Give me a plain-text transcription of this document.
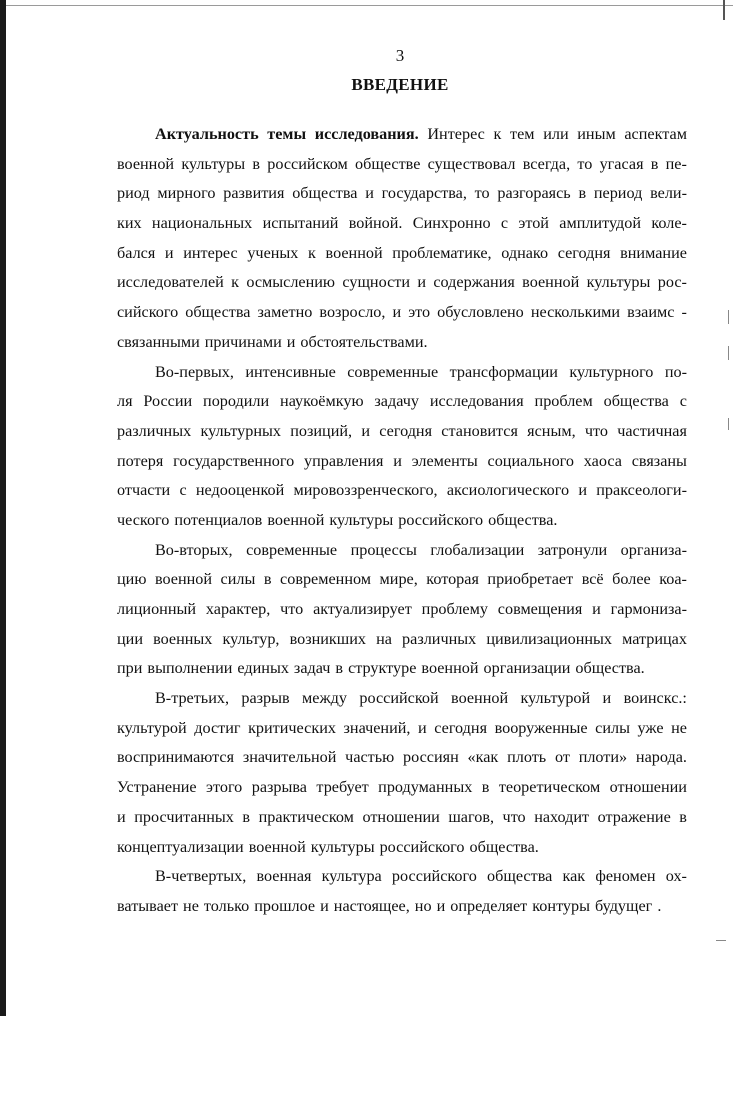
3
ВВЕДЕНИЕ
Актуальность темы исследования. Интерес к тем или иным аспектам
военной культуры в российском обществе существовал всегда, то угасая в пе-
риод мирного развития общества и государства, то разгораясь в период вели-
ких национальных испытаний войной. Синхронно с этой амплитудой коле-
бался и интерес ученых к военной проблематике, однако сегодня внимание
исследователей к осмыслению сущности и содержания военной культуры рос-
сийского общества заметно возросло, и это обусловлено несколькими взаимс -
связанными причинами и обстоятельствами.
Во-первых, интенсивные современные трансформации культурного по-
ля России породили наукоёмкую задачу исследования проблем общества с
различных культурных позиций, и сегодня становится ясным, что частичная
потеря государственного управления и элементы социального хаоса связаны
отчасти с недооценкой мировоззренческого, аксиологического и праксеологи-
ческого потенциалов военной культуры российского общества.
Во-вторых, современные процессы глобализации затронули организа-
цию военной силы в современном мире, которая приобретает всё более коа-
лиционный характер, что актуализирует проблему совмещения и гармониза-
ции военных культур, возникших на различных цивилизационных матрицах
при выполнении единых задач в структуре военной организации общества.
В-третьих, разрыв между российской военной культурой и воинскс.:
культурой достиг критических значений, и сегодня вооруженные силы уже не
воспринимаются значительной частью россиян «как плоть от плоти» народа.
Устранение этого разрыва требует продуманных в теоретическом отношении
и просчитанных в практическом отношении шагов, что находит отражение в
концептуализации военной культуры российского общества.
В-четвертых, военная культура российского общества как феномен ох-
ватывает не только прошлое и настоящее, но и определяет контуры будущег .
